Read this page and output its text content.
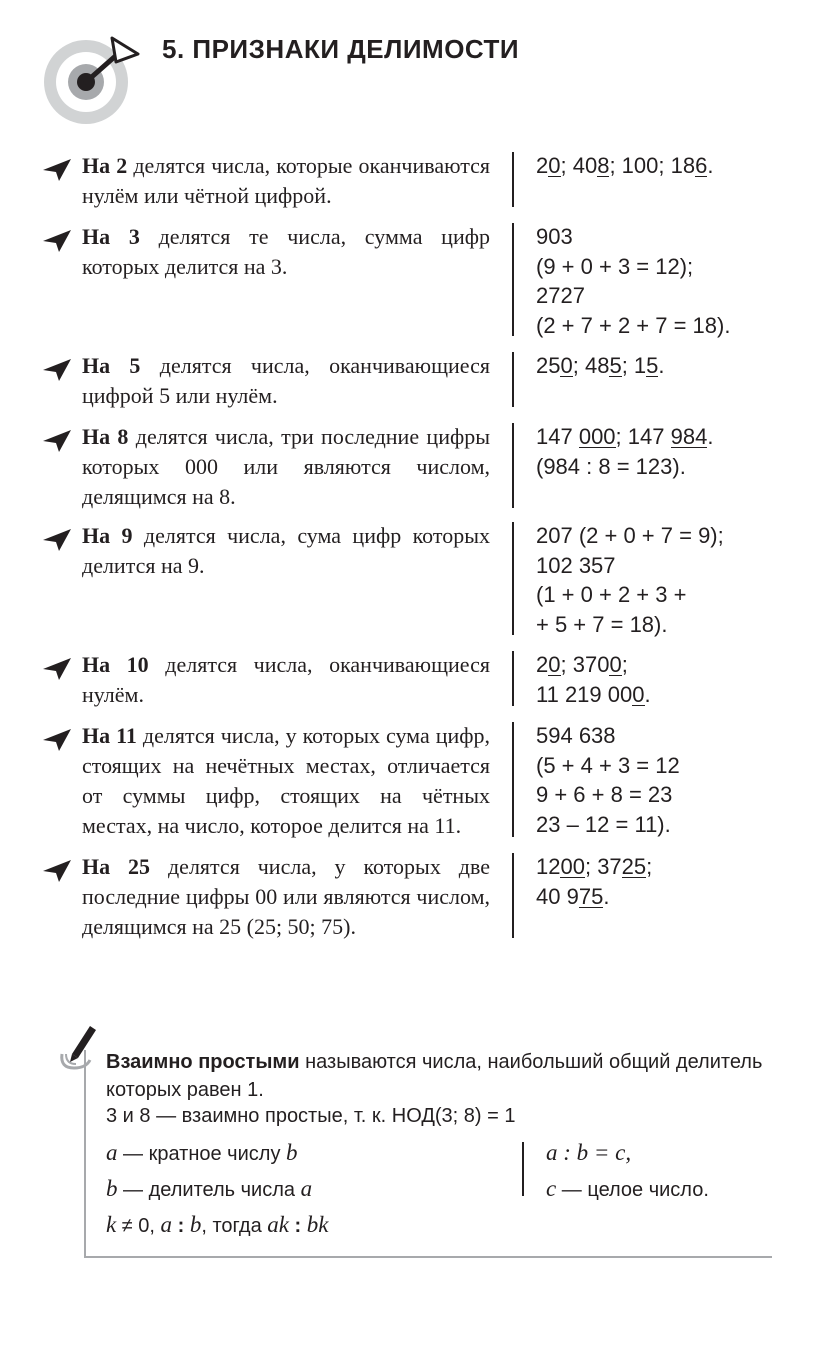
5. ПРИЗНАКИ ДЕЛИМОСТИ
На 2 делятся числа, которые оканчиваются нулём или чётной цифрой.
20; 408; 100; 186.
На 3 делятся те числа, сумма цифр которых делится на 3.
903
(9 + 0 + 3 = 12);
2727
(2 + 7 + 2 + 7 = 18).
На 5 делятся числа, оканчивающиеся цифрой 5 или нулём.
250; 485; 15.
На 8 делятся числа, три последние цифры которых 000 или являются числом, делящимся на 8.
147 000; 147 984.
(984 : 8 = 123).
На 9 делятся числа, сума цифр которых делится на 9.
207 (2 + 0 + 7 = 9);
102 357
(1 + 0 + 2 + 3 +
+ 5 + 7 = 18).
На 10 делятся числа, оканчивающиеся нулём.
20; 3700;
11 219 000.
На 11 делятся числа, у которых сума цифр, стоящих на нечётных местах, отличается от суммы цифр, стоящих на чётных местах, на число, которое делится на 11.
594 638
(5 + 4 + 3 = 12
9 + 6 + 8 = 23
23 – 12 = 11).
На 25 делятся числа, у которых две последние цифры 00 или являются числом, делящимся на 25 (25; 50; 75).
1200; 3725;
40 975.
Взаимно простыми называются числа, наибольший общий делитель которых равен 1.
3 и 8 — взаимно простые, т. к. НОД(3; 8) = 1
a — кратное числу b
b — делитель числа a
k ≠ 0, a : b, тогда ak : bk
a : b = c,
c — целое число.
